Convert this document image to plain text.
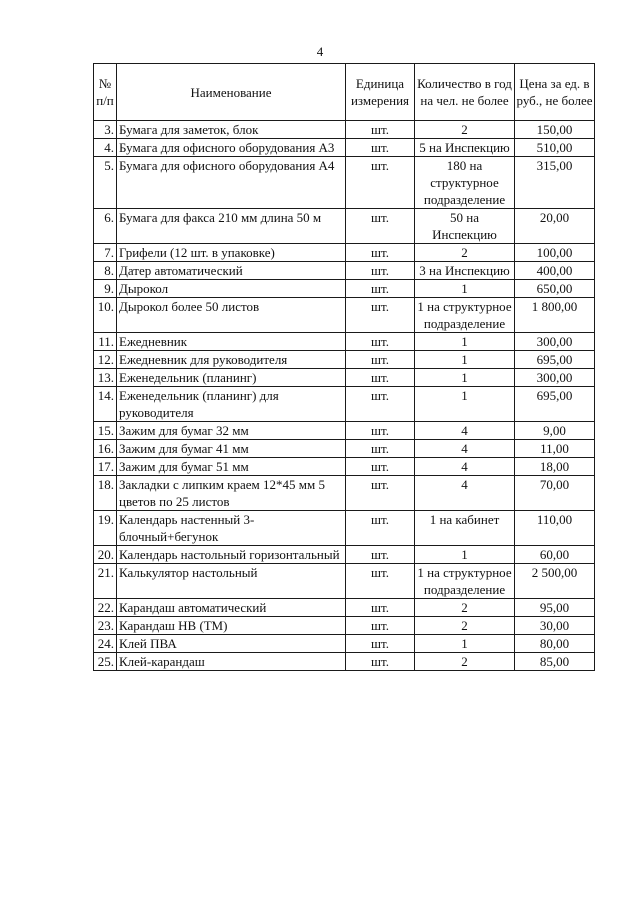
4
№ п/п	Наименование	Единица измерения	Количество в год на чел. не более	Цена за ед. в руб., не более
3.	Бумага для заметок, блок	шт.	2	150,00
4.	Бумага для офисного оборудования А3	шт.	5 на Инспекцию	510,00
5.	Бумага для офисного оборудования А4	шт.	180 на структурное подразделение	315,00
6.	Бумага для факса 210 мм длина 50 м	шт.	50 на Инспекцию	20,00
7.	Грифели (12 шт. в упаковке)	шт.	2	100,00
8.	Датер автоматический	шт.	3 на Инспекцию	400,00
9.	Дырокол	шт.	1	650,00
10.	Дырокол более 50 листов	шт.	1 на структурное подразделение	1 800,00
11.	Ежедневник	шт.	1	300,00
12.	Ежедневник для руководителя	шт.	1	695,00
13.	Еженедельник (планинг)	шт.	1	300,00
14.	Еженедельник (планинг) для руководителя	шт.	1	695,00
15.	Зажим для бумаг 32 мм	шт.	4	9,00
16.	Зажим для бумаг 41 мм	шт.	4	11,00
17.	Зажим для бумаг 51 мм	шт.	4	18,00
18.	Закладки с липким краем 12*45 мм 5 цветов по 25 листов	шт.	4	70,00
19.	Календарь настенный 3-блочный+бегунок	шт.	1 на кабинет	110,00
20.	Календарь настольный горизонтальный	шт.	1	60,00
21.	Калькулятор настольный	шт.	1 на структурное подразделение	2 500,00
22.	Карандаш автоматический	шт.	2	95,00
23.	Карандаш НВ (ТМ)	шт.	2	30,00
24.	Клей ПВА	шт.	1	80,00
25.	Клей-карандаш	шт.	2	85,00
